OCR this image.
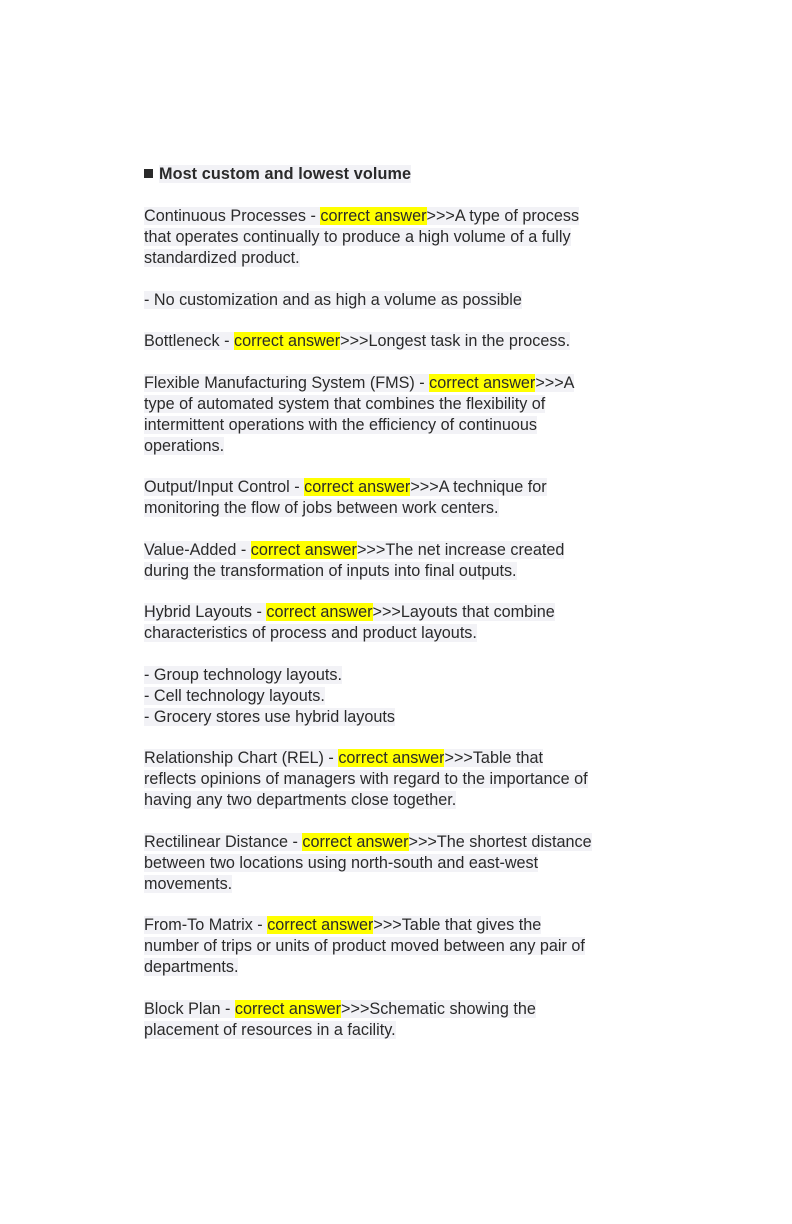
Most custom and lowest volume
Continuous Processes - correct answer>>>A type of process
that operates continually to produce a high volume of a fully
standardized product.
- No customization and as high a volume as possible
Bottleneck - correct answer>>>Longest task in the process.
Flexible Manufacturing System (FMS) - correct answer>>>A
type of automated system that combines the flexibility of
intermittent operations with the efficiency of continuous
operations.
Output/Input Control - correct answer>>>A technique for
monitoring the flow of jobs between work centers.
Value-Added - correct answer>>>The net increase created
during the transformation of inputs into final outputs.
Hybrid Layouts - correct answer>>>Layouts that combine
characteristics of process and product layouts.
- Group technology layouts.
- Cell technology layouts.
- Grocery stores use hybrid layouts
Relationship Chart (REL) - correct answer>>>Table that
reflects opinions of managers with regard to the importance of
having any two departments close together.
Rectilinear Distance - correct answer>>>The shortest distance
between two locations using north-south and east-west
movements.
From-To Matrix - correct answer>>>Table that gives the
number of trips or units of product moved between any pair of
departments.
Block Plan - correct answer>>>Schematic showing the
placement of resources in a facility.
